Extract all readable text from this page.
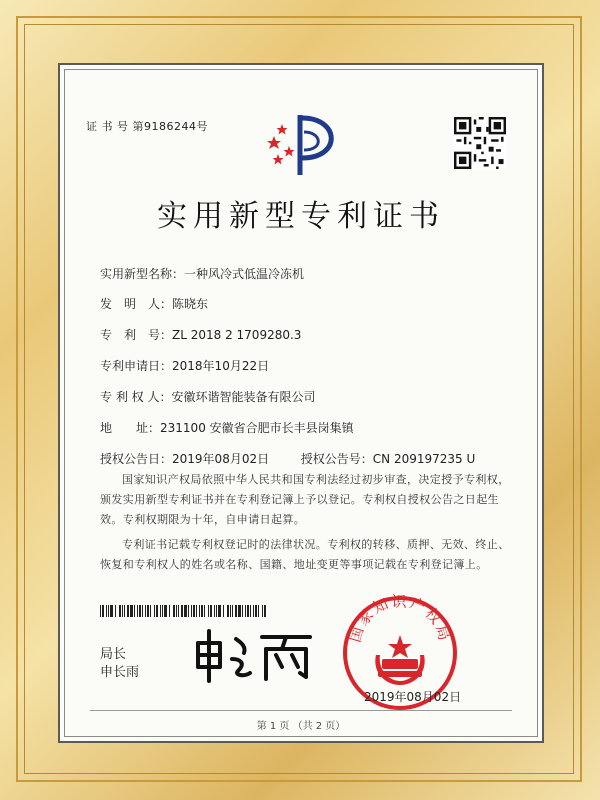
证 书 号 第9186244号
实用新型专利证书
实用新型名称：一种风冷式低温冷冻机
发　明　人：陈晓东
专　利　号：ZL 2018 2 1709280.3
专利申请日：2018年10月22日
专 利 权 人：安徽环谐智能装备有限公司
地　　址：231100 安徽省合肥市长丰县岗集镇
授权公告日：2019年08月02日	授权公告号：CN 209197235 U
国家知识产权局依照中华人民共和国专利法经过初步审查，决定授予专利权，颁发实用新型专利证书并在专利登记簿上予以登记。专利权自授权公告之日起生效。专利权期限为十年，自申请日起算。
专利证书记载专利权登记时的法律状况。专利权的转移、质押、无效、终止、恢复和专利权人的姓名或名称、国籍、地址变更等事项记载在专利登记簿上。
局长
申长雨
国家知识产权局
2019年08月02日
第 1 页 （共 2 页）
